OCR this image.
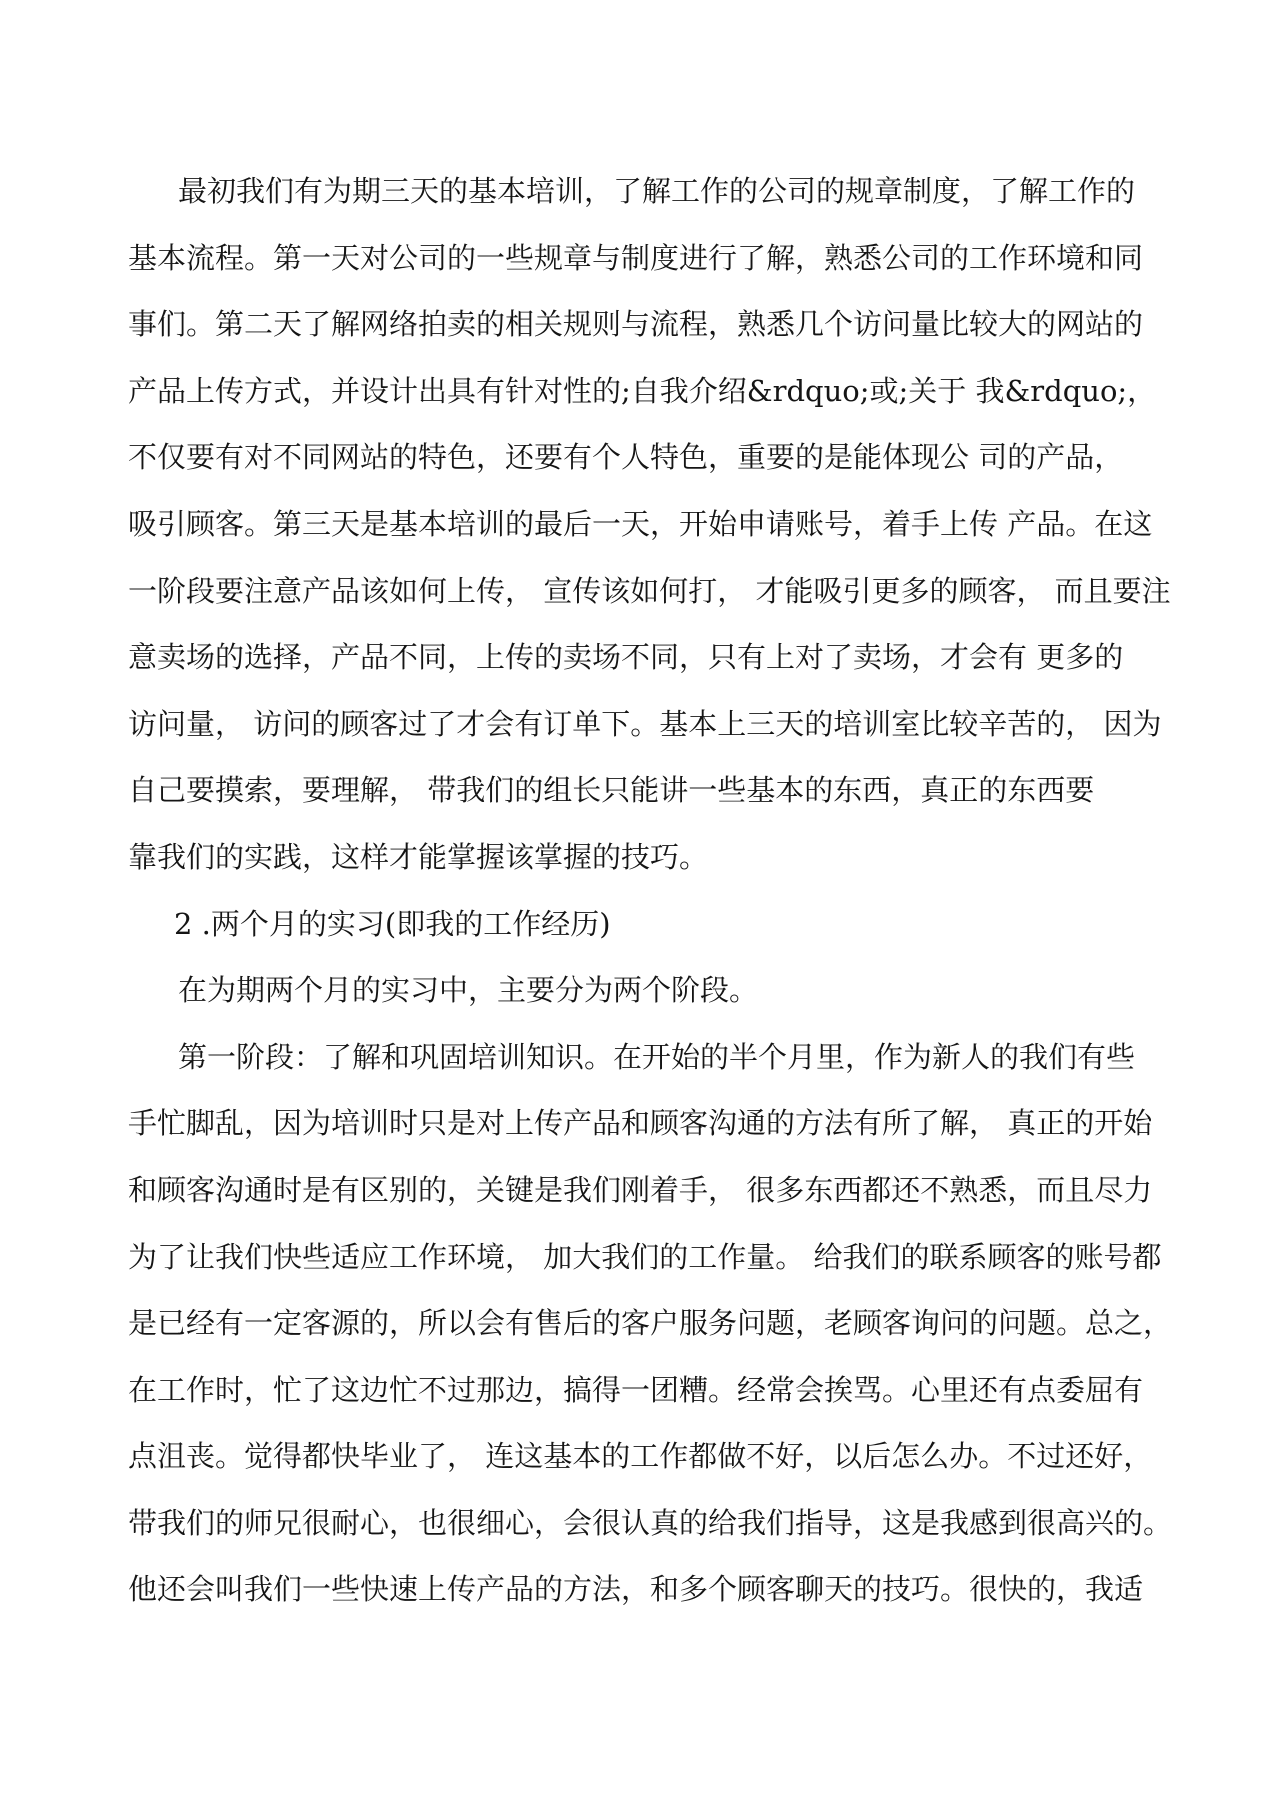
最初我们有为期三天的基本培训，了解工作的公司的规章制度，了解工作的
基本流程。第一天对公司的一些规章与制度进行了解，熟悉公司的工作环境和同
事们。第二天了解网络拍卖的相关规则与流程，熟悉几个访问量比较大的网站的
产品上传方式，并设计出具有针对性的;自我介绍&rdquo;或;关于 我&rdquo;，
不仅要有对不同网站的特色，还要有个人特色，重要的是能体现公 司的产品，
吸引顾客。第三天是基本培训的最后一天，开始申请账号，着手上传 产品。在这
一阶段要注意产品该如何上传， 宣传该如何打， 才能吸引更多的顾客， 而且要注
意卖场的选择，产品不同，上传的卖场不同，只有上对了卖场，才会有 更多的
访问量， 访问的顾客过了才会有订单下。基本上三天的培训室比较辛苦的， 因为
自己要摸索，要理解， 带我们的组长只能讲一些基本的东西，真正的东西要
靠我们的实践，这样才能掌握该掌握的技巧。
2 .两个月的实习(即我的工作经历)
在为期两个月的实习中，主要分为两个阶段。
第一阶段：了解和巩固培训知识。在开始的半个月里，作为新人的我们有些
手忙脚乱，因为培训时只是对上传产品和顾客沟通的方法有所了解， 真正的开始
和顾客沟通时是有区别的，关键是我们刚着手， 很多东西都还不熟悉，而且尽力
为了让我们快些适应工作环境， 加大我们的工作量。 给我们的联系顾客的账号都
是已经有一定客源的，所以会有售后的客户服务问题，老顾客询问的问题。总之，
在工作时，忙了这边忙不过那边，搞得一团糟。经常会挨骂。心里还有点委屈有
点沮丧。觉得都快毕业了， 连这基本的工作都做不好，以后怎么办。不过还好，
带我们的师兄很耐心，也很细心，会很认真的给我们指导，这是我感到很高兴的。
他还会叫我们一些快速上传产品的方法，和多个顾客聊天的技巧。很快的，我适
